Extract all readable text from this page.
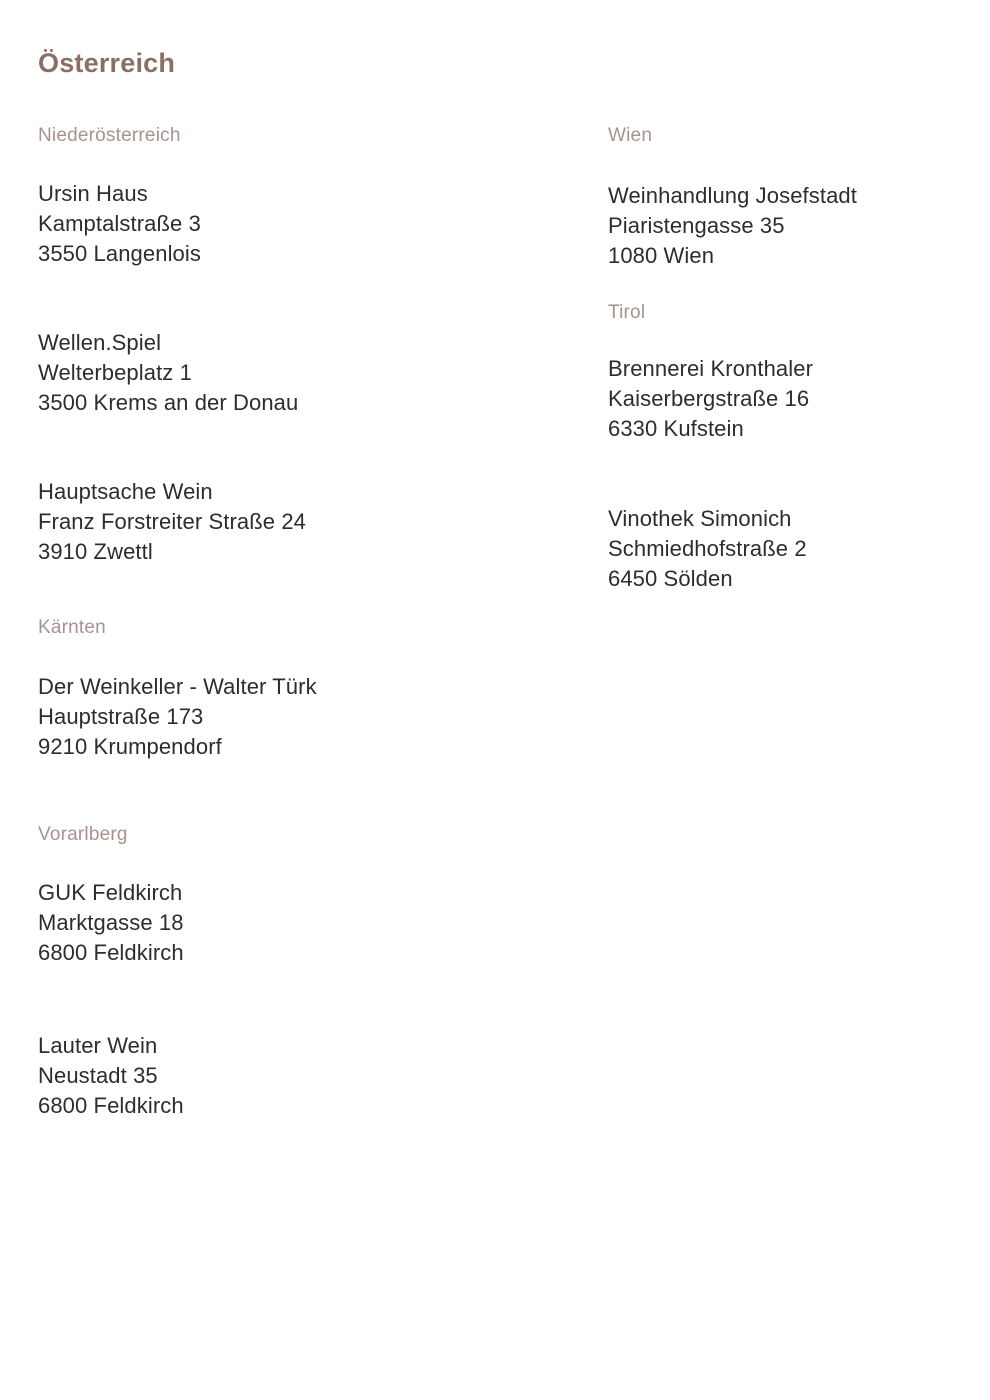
Österreich
Niederösterreich
Ursin Haus
Kamptalstraße 3
3550 Langenlois
Wellen.Spiel
Welterbeplatz 1
3500 Krems an der Donau
Hauptsache Wein
Franz Forstreiter Straße 24
3910 Zwettl
Kärnten
Der Weinkeller - Walter Türk
Hauptstraße 173
9210 Krumpendorf
Vorarlberg
GUK Feldkirch
Marktgasse 18
6800 Feldkirch
Lauter Wein
Neustadt 35
6800 Feldkirch
Wien
Weinhandlung Josefstadt
Piaristengasse 35
1080 Wien
Tirol
Brennerei Kronthaler
Kaiserbergstraße 16
6330 Kufstein
Vinothek Simonich
Schmiedhofstraße 2
6450 Sölden
